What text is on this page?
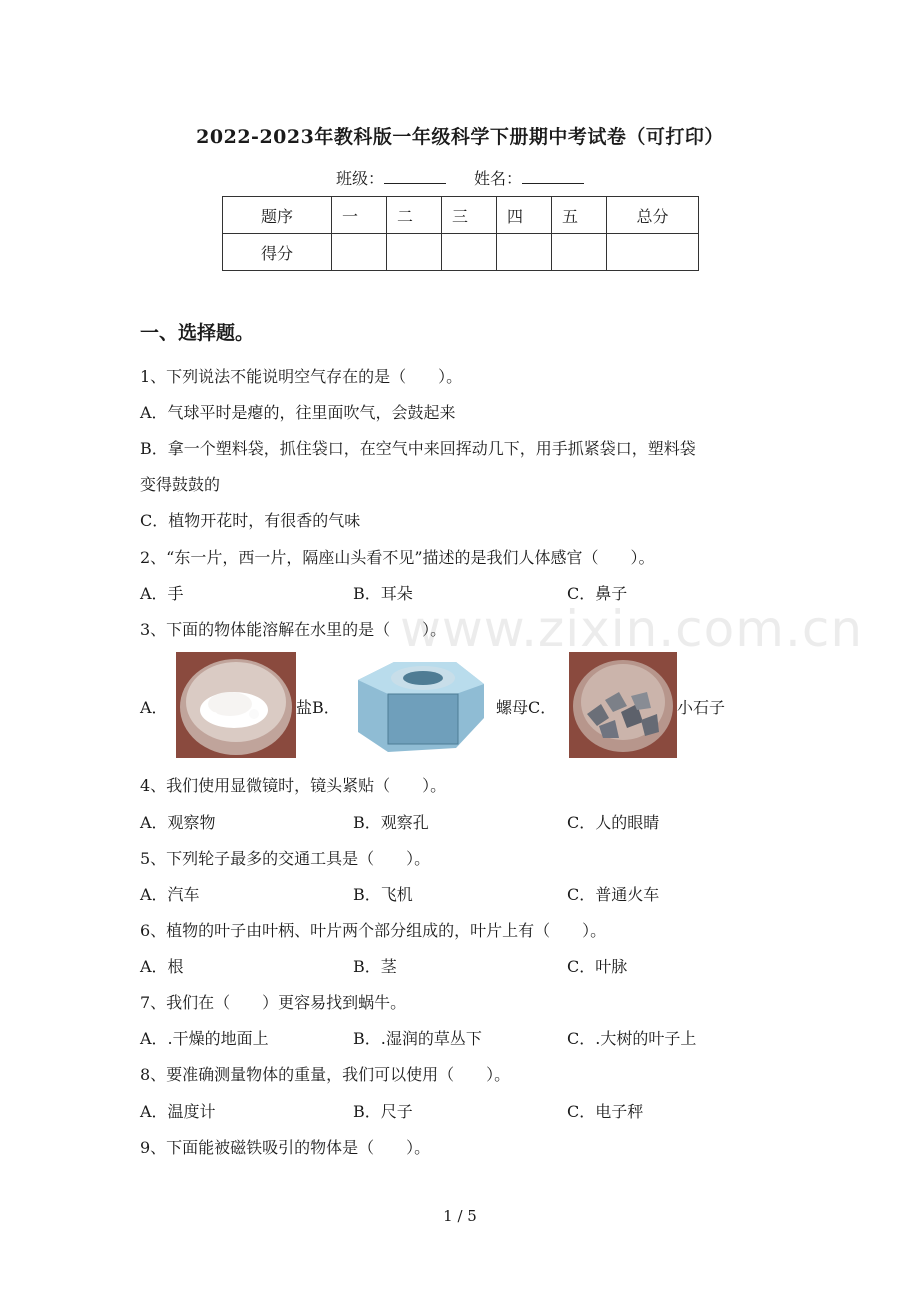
2022-2023年教科版一年级科学下册期中考试卷（可打印）
班级：	姓名：
题序	一	二	三	四	五	总分
得分						
一、选择题。
1、下列说法不能说明空气存在的是（　　）。
A．气球平时是瘪的，往里面吹气，会鼓起来
B．拿一个塑料袋，抓住袋口，在空气中来回挥动几下，用手抓紧袋口，塑料袋
变得鼓鼓的
C．植物开花时，有很香的气味
2、“东一片，西一片，隔座山头看不见”描述的是我们人体感官（　　）。
A．手	B．耳朵	C．鼻子
3、下面的物体能溶解在水里的是（　　）。
A．	盐B．	螺母C．	小石子
4、我们使用显微镜时，镜头紧贴（　　）。
A．观察物	B．观察孔	C．人的眼睛
5、下列轮子最多的交通工具是（　　）。
A．汽车	B．飞机	C．普通火车
6、植物的叶子由叶柄、叶片两个部分组成的，叶片上有（　　）。
A．根	B．茎	C．叶脉
7、我们在（　　）更容易找到蜗牛。
A．.干燥的地面上	B．.湿润的草丛下	C．.大树的叶子上
8、要准确测量物体的重量，我们可以使用（　　）。
A．温度计	B．尺子	C．电子秤
9、下面能被磁铁吸引的物体是（　　）。
www.zixin.com.cn
1 / 5
